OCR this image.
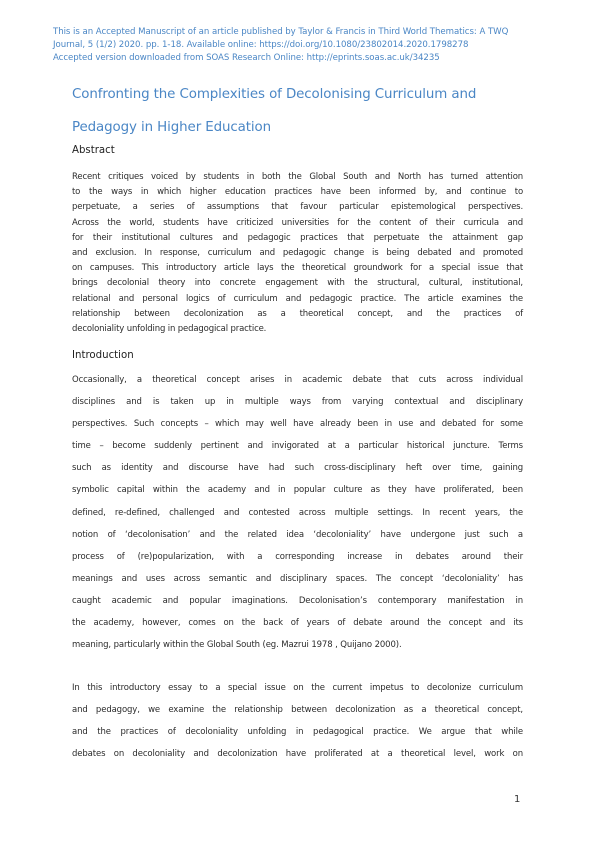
This is an Accepted Manuscript of an article published by Taylor & Francis in Third World Thematics: A TWQ
Journal, 5 (1/2) 2020. pp. 1-18. Available online: https://doi.org/10.1080/23802014.2020.1798278
Accepted version downloaded from SOAS Research Online: http://eprints.soas.ac.uk/34235
Confronting the Complexities of Decolonising Curriculum and
Pedagogy in Higher Education
Abstract
Recent critiques voiced by students in both the Global South and North has turned attention
to the ways in which higher education practices have been informed by, and continue to
perpetuate, a series of assumptions that favour particular epistemological perspectives.
Across the world, students have criticized universities for the content of their curricula and
for their institutional cultures and pedagogic practices that perpetuate the attainment gap
and exclusion. In response, curriculum and pedagogic change is being debated and promoted
on campuses. This introductory article lays the theoretical groundwork for a special issue that
brings decolonial theory into concrete engagement with the structural, cultural, institutional,
relational and personal logics of curriculum and pedagogic practice. The article examines the
relationship between decolonization as a theoretical concept, and the practices of
decoloniality unfolding in pedagogical practice.
Introduction
Occasionally, a theoretical concept arises in academic debate that cuts across individual
disciplines and is taken up in multiple ways from varying contextual and disciplinary
perspectives. Such concepts – which may well have already been in use and debated for some
time – become suddenly pertinent and invigorated at a particular historical juncture. Terms
such as identity and discourse have had such cross-disciplinary heft over time, gaining
symbolic capital within the academy and in popular culture as they have proliferated, been
defined, re-defined, challenged and contested across multiple settings. In recent years, the
notion of ‘decolonisation’ and the related idea ‘decoloniality’ have undergone just such a
process of (re)popularization, with a corresponding increase in debates around their
meanings and uses across semantic and disciplinary spaces. The concept ‘decoloniality’ has
caught academic and popular imaginations. Decolonisation’s contemporary manifestation in
the academy, however, comes on the back of years of debate around the concept and its
meaning, particularly within the Global South (eg. Mazrui 1978 , Quijano 2000).
In this introductory essay to a special issue on the current impetus to decolonize curriculum
and pedagogy, we examine the relationship between decolonization as a theoretical concept,
and the practices of decoloniality unfolding in pedagogical practice. We argue that while
debates on decoloniality and decolonization have proliferated at a theoretical level, work on
1
